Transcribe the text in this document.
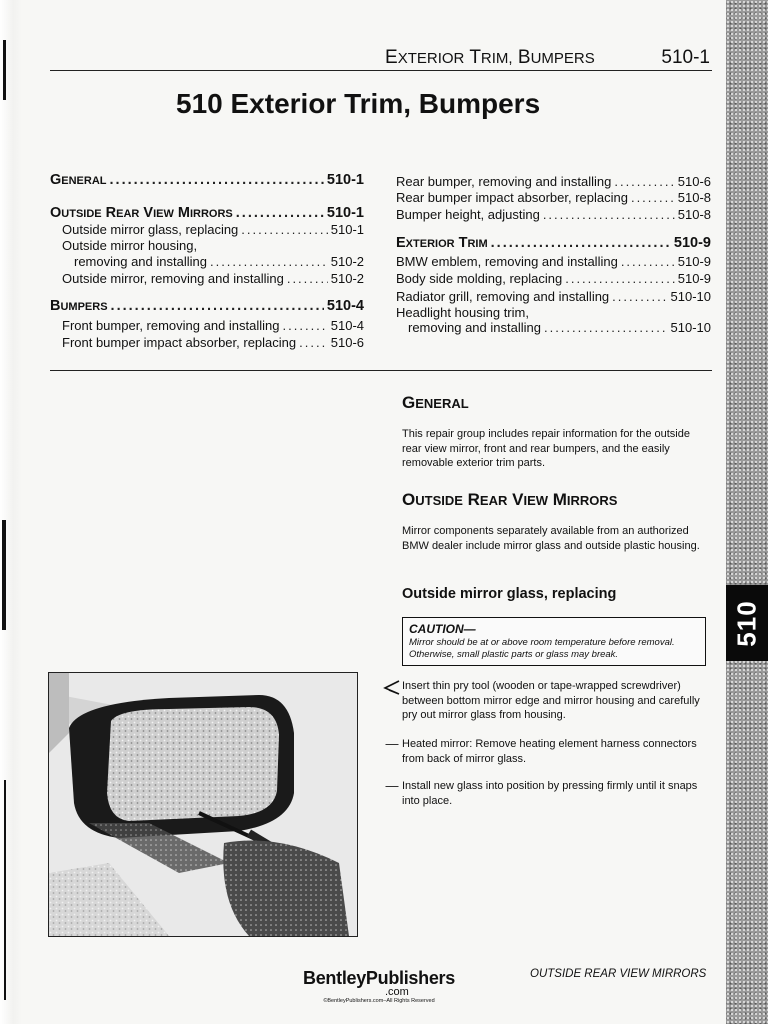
510
EXTERIOR TRIM, BUMPERS	510-1
510 Exterior Trim, Bumpers
GENERAL .....	510-1
OUTSIDE REAR VIEW MIRRORS .....	510-1
Outside mirror glass, replacing .....	510-1
Outside mirror housing,
removing and installing .....	510-2
Outside mirror, removing and installing .....	510-2
BUMPERS .....	510-4
Front bumper, removing and installing .....	510-4
Front bumper impact absorber, replacing .....	510-6
Rear bumper, removing and installing .....	510-6
Rear bumper impact absorber, replacing .....	510-8
Bumper height, adjusting .....	510-8
EXTERIOR TRIM .....	510-9
BMW emblem, removing and installing .....	510-9
Body side molding, replacing .....	510-9
Radiator grill, removing and installing .....	510-10
Headlight housing trim,
removing and installing .....	510-10
GENERAL

This repair group includes repair information for the outside rear view mirror, front and rear bumpers, and the easily removable exterior trim parts.

OUTSIDE REAR VIEW MIRRORS

Mirror components separately available from an authorized BMW dealer include mirror glass and outside plastic housing.

Outside mirror glass, replacing
CAUTION—
Mirror should be at or above room temperature before removal. Otherwise, small plastic parts or glass may break.
Insert thin pry tool (wooden or tape-wrapped screwdriver) between bottom mirror edge and mirror housing and carefully pry out mirror glass from housing.
— Heated mirror: Remove heating element harness connectors from back of mirror glass.
— Install new glass into position by pressing firmly until it snaps into place.
BentleyPublishers
.com
©BentleyPublishers.com–All Rights Reserved
OUTSIDE REAR VIEW MIRRORS
